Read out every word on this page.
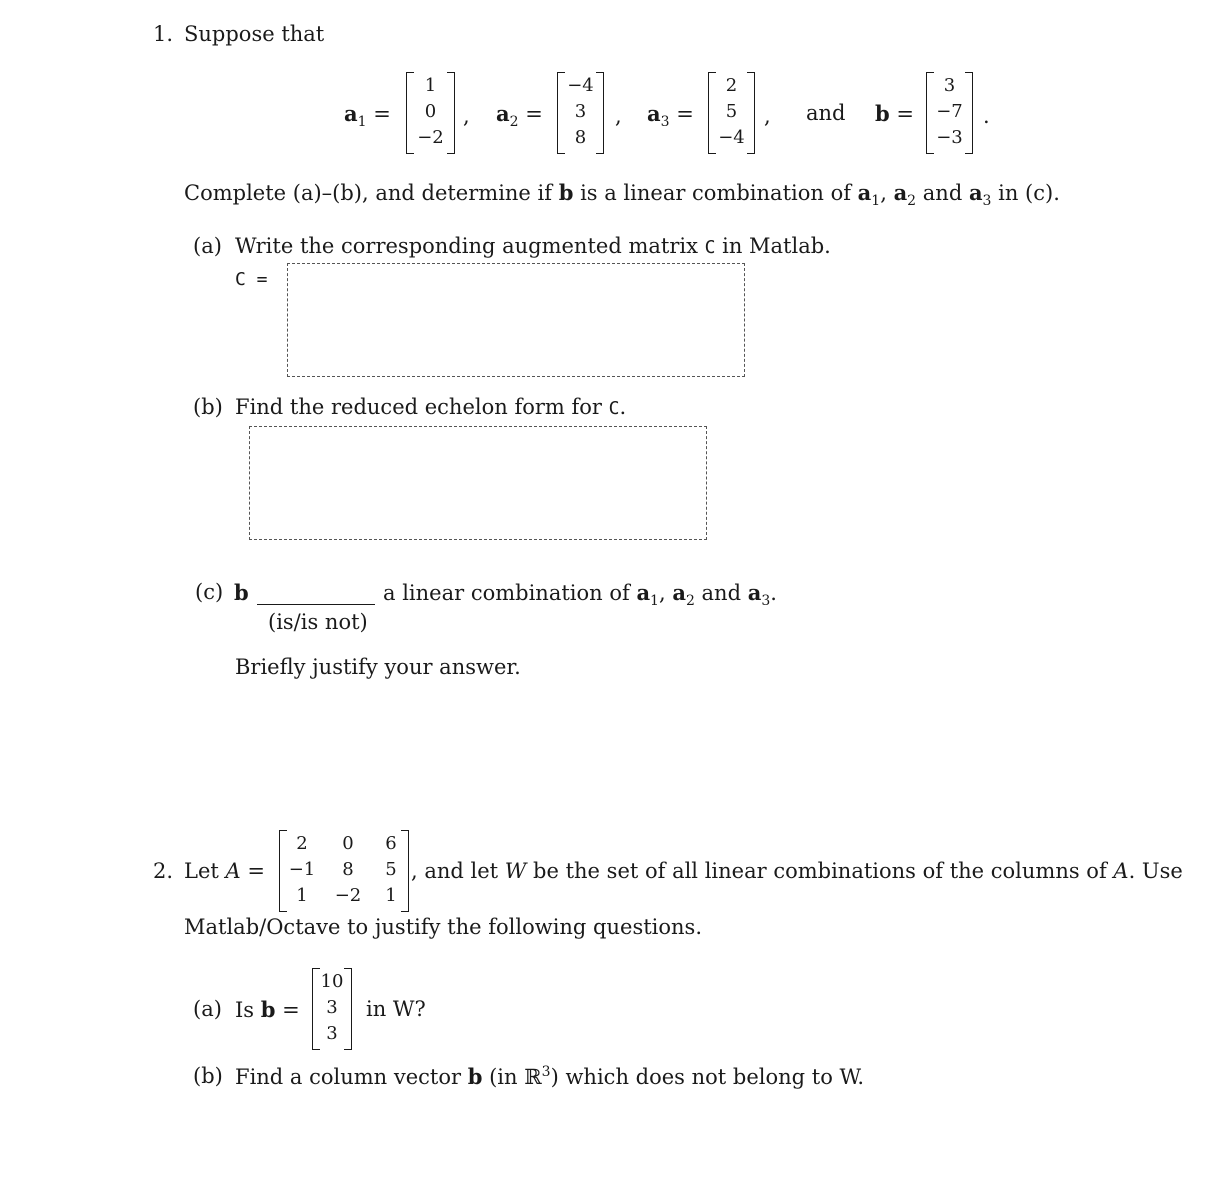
1. Suppose that
$a_1$ =
1
0
−2
, $a_2$ =
−4
3
8
, $a_3$ =
2
5
−4
, and b =
3
−7
−3
.
Complete (a)–(b), and determine if b is a linear combination of $a_1$, $a_2$ and $a_3$ in (c).
(a) Write the corresponding augmented matrix C in Matlab.
C =
(b) Find the reduced echelon form for C.
(c) b
(is/is not)
a linear combination of $a_1$, $a_2$ and $a_3$.
Briefly justify your answer.
2. Let A =
2	0	6
−1	8	5
1	−2	1
, and let W be the set of all linear combinations of the columns of A. Use
Matlab/Octave to justify the following questions.
(a) Is b =
10
3
3
in W?
(b) Find a column vector b (in ℝ$^3$) which does not belong to W.
